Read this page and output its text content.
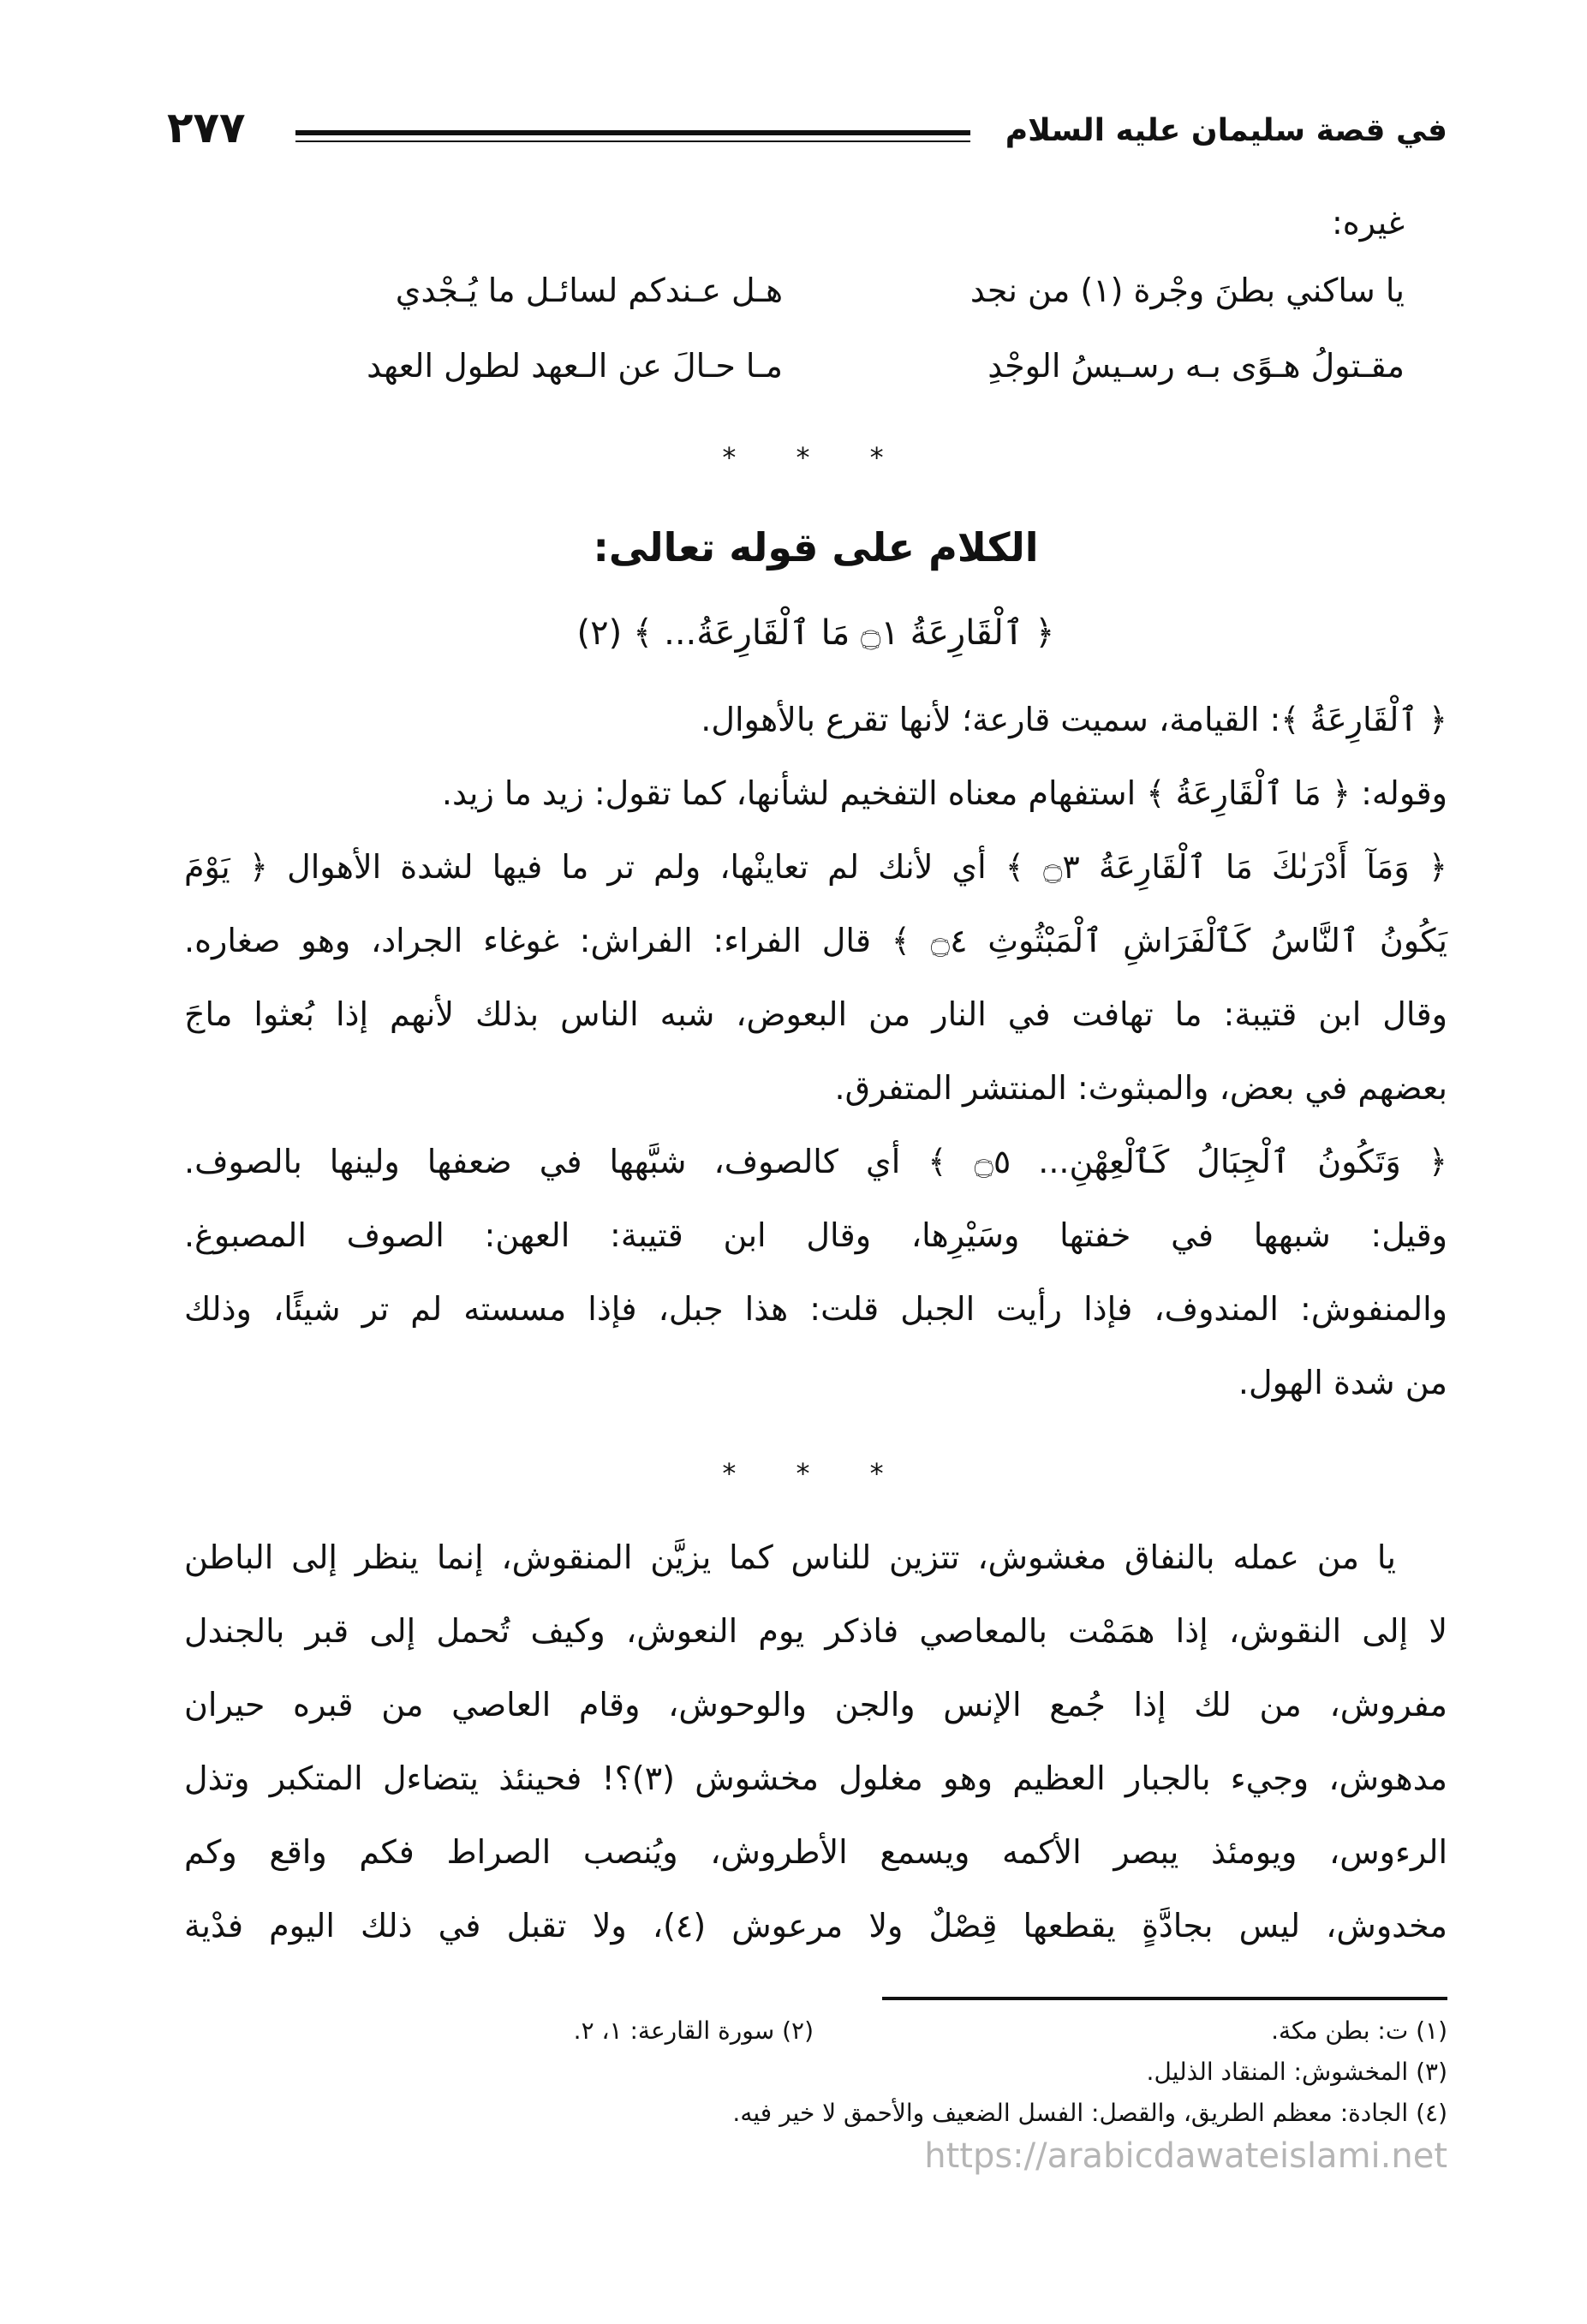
في قصة سليمان عليه السلام
٢٧٧
غيره:
يا ساكني بطنَ وجْرة (١) من نجد
هـل عـندكم لسائـل ما يُـجْدي
مقـتولُ هـوًى بـه رسـيسُ الوجْدِ
مـا حـالَ عن الـعهد لطول العهد
* * *
الكلام على قوله تعالى:
﴿ ٱلْقَارِعَةُ ۝١ مَا ٱلْقَارِعَةُ... ﴾ (٢)
﴿ ٱلْقَارِعَةُ ﴾: القيامة، سميت قارعة؛ لأنها تقرع بالأهوال.
وقوله: ﴿ مَا ٱلْقَارِعَةُ ﴾ استفهام معناه التفخيم لشأنها، كما تقول: زيد ما زيد.
﴿ وَمَآ أَدْرَىٰكَ مَا ٱلْقَارِعَةُ ۝٣ ﴾ أي لأنك لم تعاينْها، ولم تر ما فيها لشدة الأهوال ﴿ يَوْمَ
يَكُونُ ٱلنَّاسُ كَٱلْفَرَاشِ ٱلْمَبْثُوثِ ۝٤ ﴾ قال الفراء: الفراش: غوغاء الجراد، وهو صغاره.
وقال ابن قتيبة: ما تهافت في النار من البعوض، شبه الناس بذلك لأنهم إذا بُعثوا ماجَ
بعضهم في بعض، والمبثوث: المنتشر المتفرق.
﴿ وَتَكُونُ ٱلْجِبَالُ كَٱلْعِهْنِ... ۝٥ ﴾ أي كالصوف، شبَّهها في ضعفها ولينها بالصوف.
وقيل: شبهها في خفتها وسَيْرِها، وقال ابن قتيبة: العهن: الصوف المصبوغ.
والمنفوش: المندوف، فإذا رأيت الجبل قلت: هذا جبل، فإذا مسسته لم تر شيئًا، وذلك
من شدة الهول.
* * *
يا من عمله بالنفاق مغشوش، تتزين للناس كما يزيَّن المنقوش، إنما ينظر إلى الباطن
لا إلى النقوش، إذا همَمْت بالمعاصي فاذكر يوم النعوش، وكيف تُحمل إلى قبر بالجندل
مفروش، من لك إذا جُمع الإنس والجن والوحوش، وقام العاصي من قبره حيران
مدهوش، وجيء بالجبار العظيم وهو مغلول مخشوش (٣)؟! فحينئذ يتضاءل المتكبر وتذل
الرءوس، ويومئذ يبصر الأكمه ويسمع الأطروش، ويُنصب الصراط فكم واقع وكم
مخدوش، ليس بجادَّةٍ يقطعها قِصْلٌ ولا مرعوش (٤)، ولا تقبل في ذلك اليوم فدْية
(١) ت: بطن مكة.
(٢) سورة القارعة: ١، ٢.
(٣) المخشوش: المنقاد الذليل.
(٤) الجادة: معظم الطريق، والقصل: الفسل الضعيف والأحمق لا خير فيه.
https://arabicdawateislami.net
